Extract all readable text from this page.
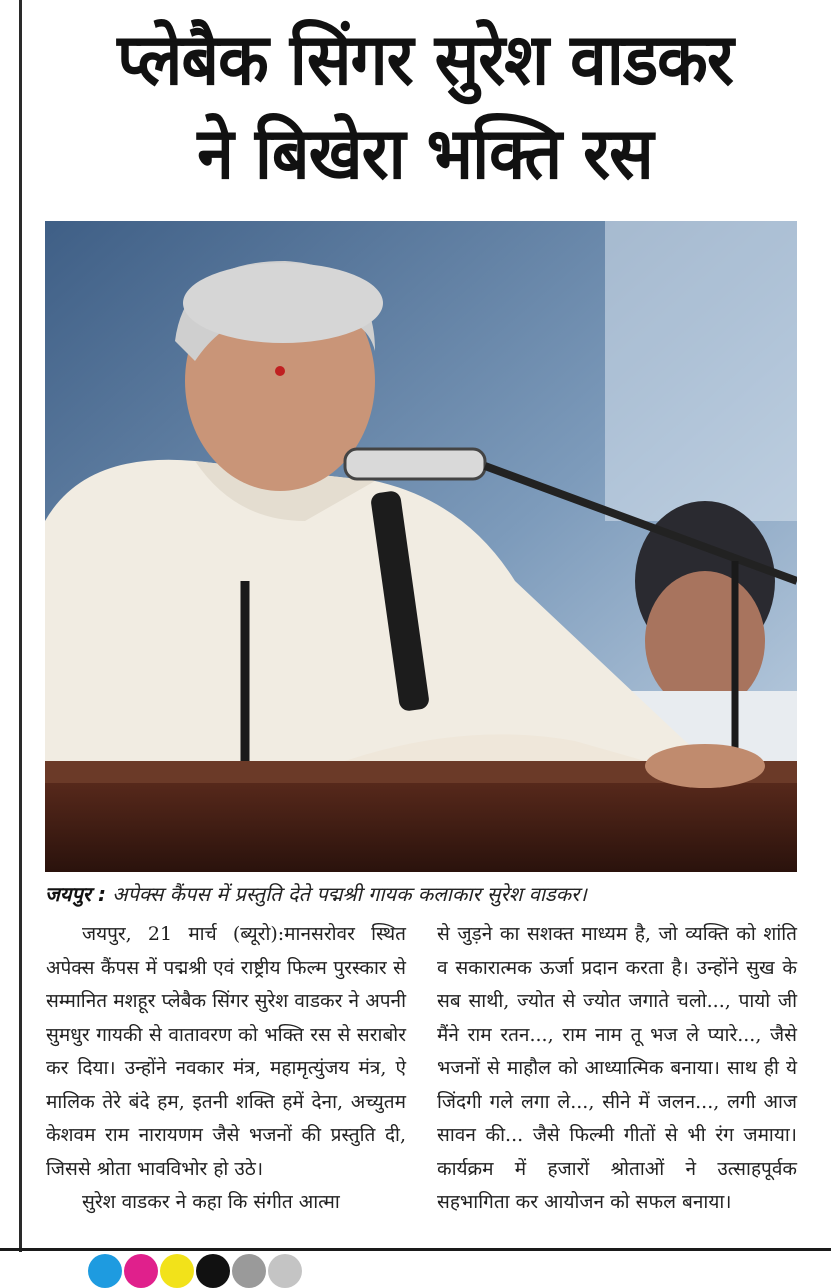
प्लेबैक सिंगर सुरेश वाडकर
ने बिखेरा भक्ति रस
जयपुर : अपेक्स कैंपस में प्रस्तुति देते पद्मश्री गायक कलाकार सुरेश वाडकर।

जयपुर, 21 मार्च (ब्यूरो):मानसरोवर स्थित अपेक्स कैंपस में पद्मश्री एवं राष्ट्रीय फिल्म पुरस्कार से सम्मानित मशहूर प्लेबैक सिंगर सुरेश वाडकर ने अपनी सुमधुर गायकी से वातावरण को भक्ति रस से सराबोर कर दिया। उन्होंने नवकार मंत्र, महामृत्युंजय मंत्र, ऐ मालिक तेरे बंदे हम, इतनी शक्ति हमें देना, अच्युतम केशवम राम नारायणम जैसे भजनों की प्रस्तुति दी, जिससे श्रोता भावविभोर हो उठे।

सुरेश वाडकर ने कहा कि संगीत आत्मा

से जुड़ने का सशक्त माध्यम है, जो व्यक्ति को शांति व सकारात्मक ऊर्जा प्रदान करता है। उन्होंने सुख के सब साथी, ज्योत से ज्योत जगाते चलो..., पायो जी मैंने राम रतन..., राम नाम तू भज ले प्यारे..., जैसे भजनों से माहौल को आध्यात्मिक बनाया। साथ ही ये जिंदगी गले लगा ले..., सीने में जलन..., लगी आज सावन की... जैसे फिल्मी गीतों से भी रंग जमाया। कार्यक्रम में हजारों श्रोताओं ने उत्साहपूर्वक सहभागिता कर आयोजन को सफल बनाया।
